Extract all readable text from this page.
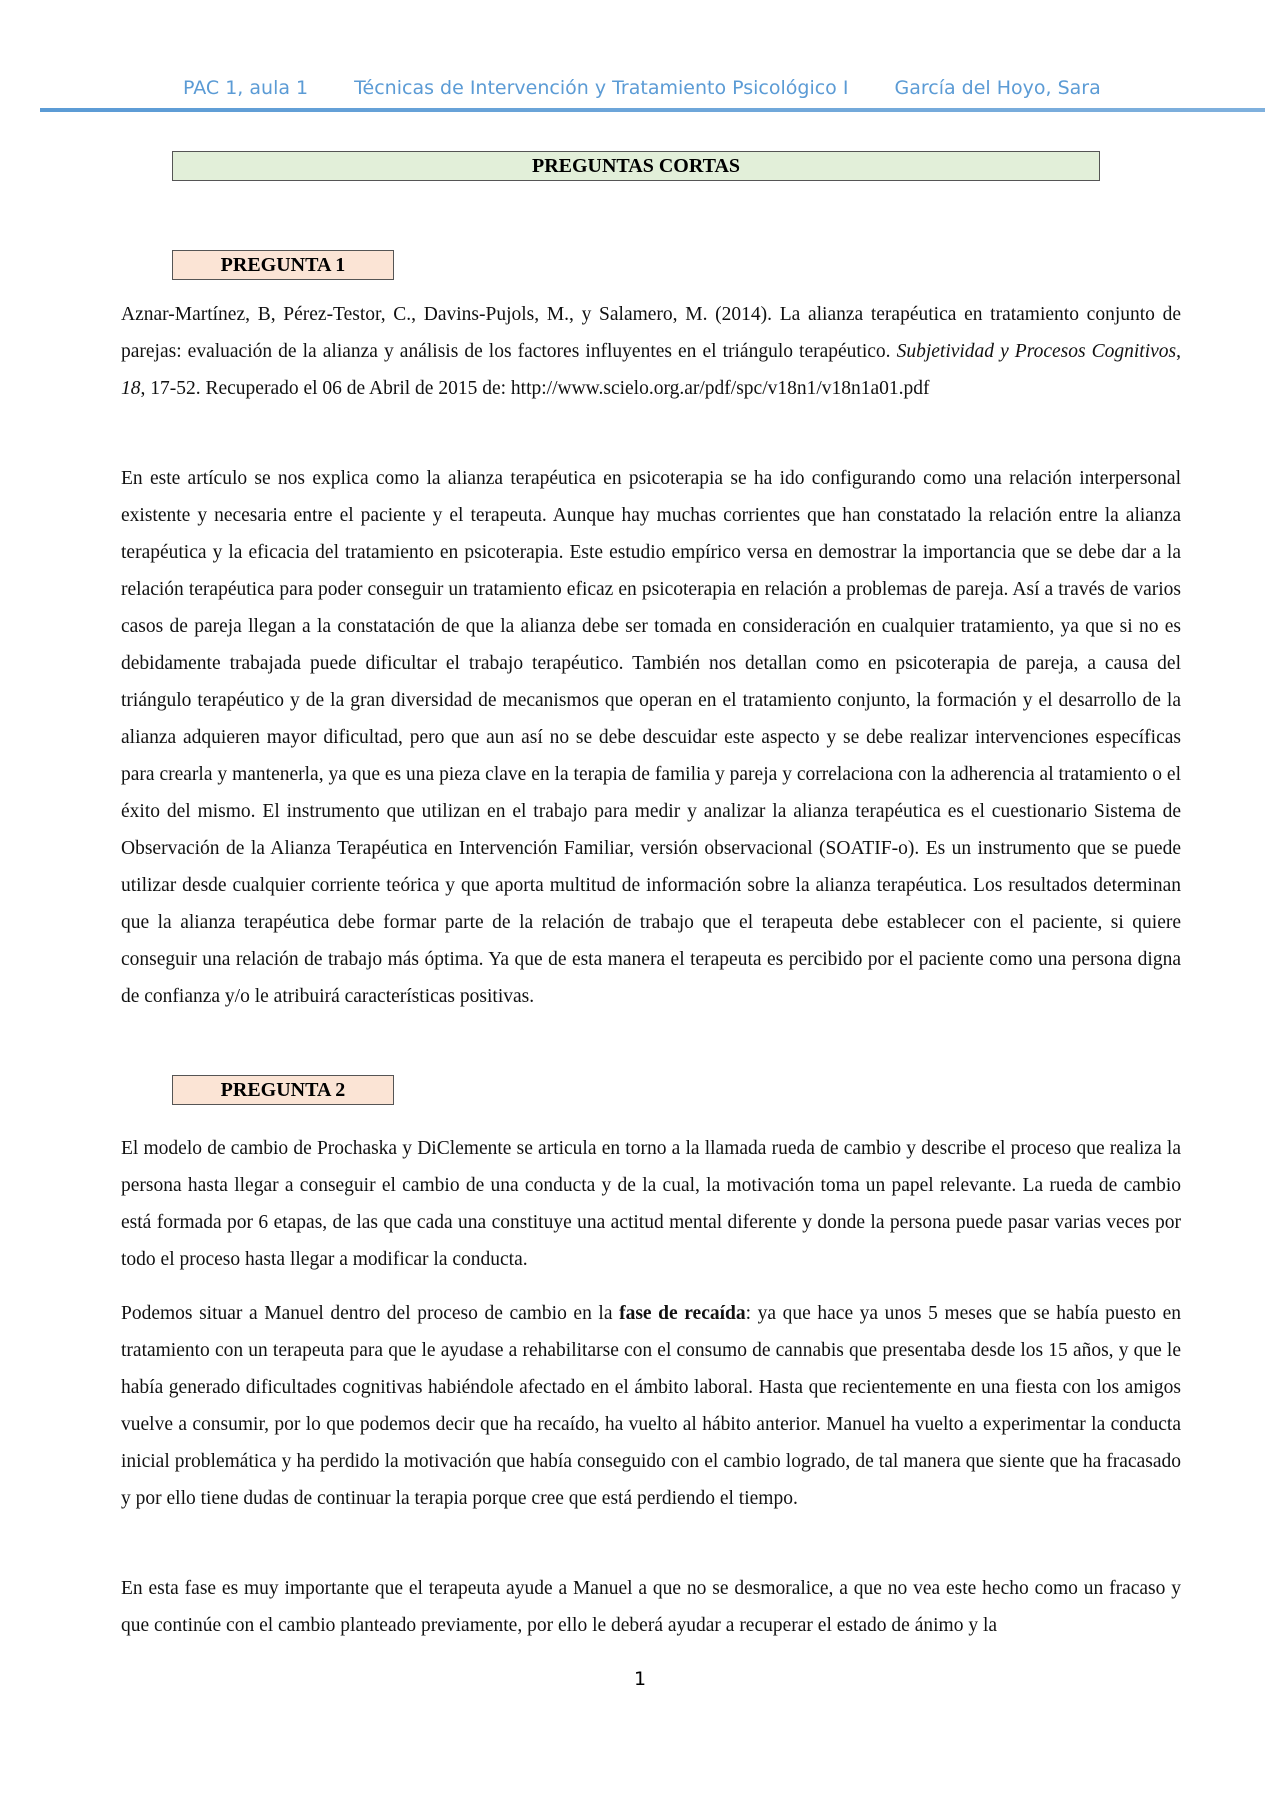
PAC 1, aula 1 Técnicas de Intervención y Tratamiento Psicológico I García del Hoyo, Sara
PREGUNTAS CORTAS
PREGUNTA 1

Aznar-Martínez, B, Pérez-Testor, C., Davins-Pujols, M., y Salamero, M. (2014). La alianza terapéutica en tratamiento conjunto de parejas: evaluación de la alianza y análisis de los factores influyentes en el triángulo terapéutico. Subjetividad y Procesos Cognitivos, 18, 17-52. Recuperado el 06 de Abril de 2015 de: http://www.scielo.org.ar/pdf/spc/v18n1/v18n1a01.pdf

En este artículo se nos explica como la alianza terapéutica en psicoterapia se ha ido configurando como una relación interpersonal existente y necesaria entre el paciente y el terapeuta. Aunque hay muchas corrientes que han constatado la relación entre la alianza terapéutica y la eficacia del tratamiento en psicoterapia. Este estudio empírico versa en demostrar la importancia que se debe dar a la relación terapéutica para poder conseguir un tratamiento eficaz en psicoterapia en relación a problemas de pareja. Así a través de varios casos de pareja llegan a la constatación de que la alianza debe ser tomada en consideración en cualquier tratamiento, ya que si no es debidamente trabajada puede dificultar el trabajo terapéutico. También nos detallan como en psicoterapia de pareja, a causa del triángulo terapéutico y de la gran diversidad de mecanismos que operan en el tratamiento conjunto, la formación y el desarrollo de la alianza adquieren mayor dificultad, pero que aun así no se debe descuidar este aspecto y se debe realizar intervenciones específicas para crearla y mantenerla, ya que es una pieza clave en la terapia de familia y pareja y correlaciona con la adherencia al tratamiento o el éxito del mismo. El instrumento que utilizan en el trabajo para medir y analizar la alianza terapéutica es el cuestionario Sistema de Observación de la Alianza Terapéutica en Intervención Familiar, versión observacional (SOATIF-o). Es un instrumento que se puede utilizar desde cualquier corriente teórica y que aporta multitud de información sobre la alianza terapéutica. Los resultados determinan que la alianza terapéutica debe formar parte de la relación de trabajo que el terapeuta debe establecer con el paciente, si quiere conseguir una relación de trabajo más óptima. Ya que de esta manera el terapeuta es percibido por el paciente como una persona digna de confianza y/o le atribuirá características positivas.

PREGUNTA 2

El modelo de cambio de Prochaska y DiClemente se articula en torno a la llamada rueda de cambio y describe el proceso que realiza la persona hasta llegar a conseguir el cambio de una conducta y de la cual, la motivación toma un papel relevante. La rueda de cambio está formada por 6 etapas, de las que cada una constituye una actitud mental diferente y donde la persona puede pasar varias veces por todo el proceso hasta llegar a modificar la conducta.

Podemos situar a Manuel dentro del proceso de cambio en la fase de recaída: ya que hace ya unos 5 meses que se había puesto en tratamiento con un terapeuta para que le ayudase a rehabilitarse con el consumo de cannabis que presentaba desde los 15 años, y que le había generado dificultades cognitivas habiéndole afectado en el ámbito laboral. Hasta que recientemente en una fiesta con los amigos vuelve a consumir, por lo que podemos decir que ha recaído, ha vuelto al hábito anterior. Manuel ha vuelto a experimentar la conducta inicial problemática y ha perdido la motivación que había conseguido con el cambio logrado, de tal manera que siente que ha fracasado y por ello tiene dudas de continuar la terapia porque cree que está perdiendo el tiempo.

En esta fase es muy importante que el terapeuta ayude a Manuel a que no se desmoralice, a que no vea este hecho como un fracaso y que continúe con el cambio planteado previamente, por ello le deberá ayudar a recuperar el estado de ánimo y la

1
